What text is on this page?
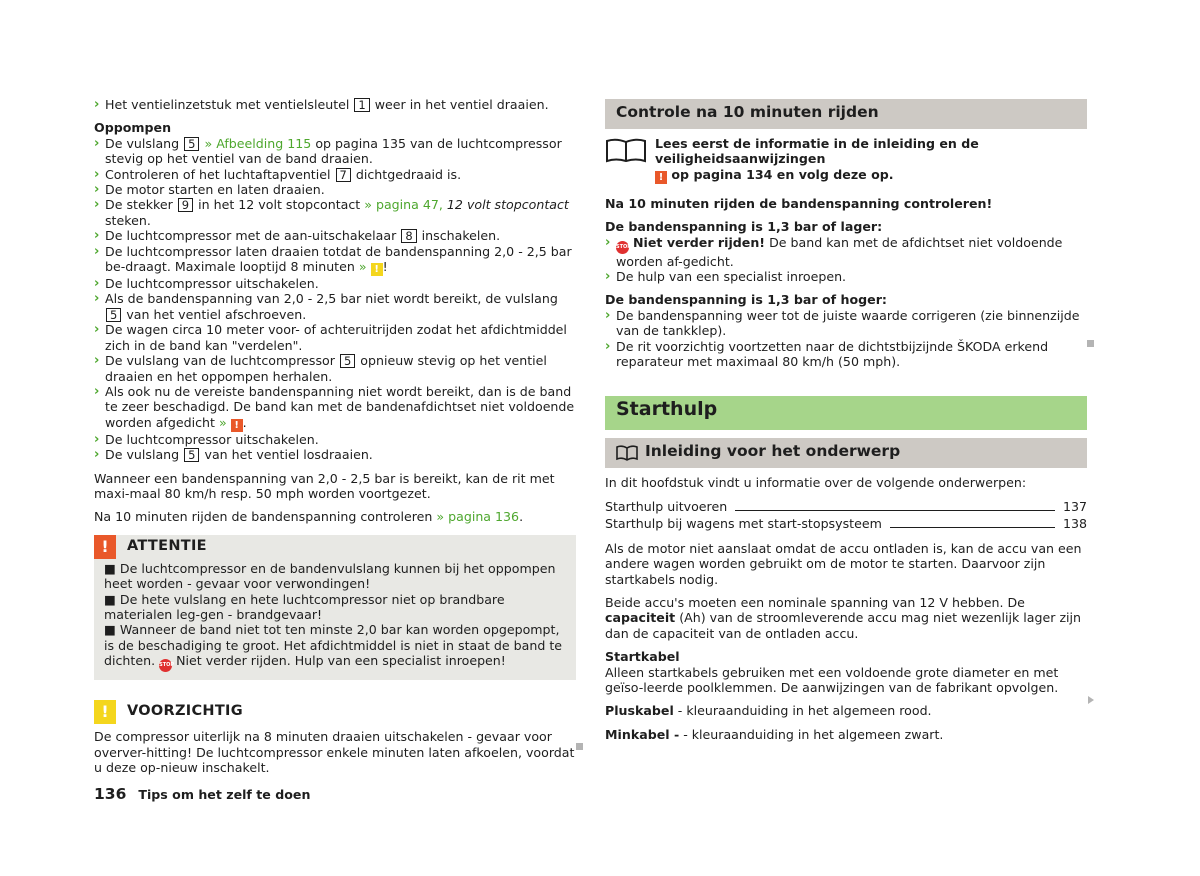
› Het ventielinzetstuk met ventielsleutel 1 weer in het ventiel draaien.

Oppompen

› De vulslang 5 » Afbeelding 115 op pagina 135 van de luchtcompressor stevig op het ventiel van de band draaien.
› Controleren of het luchtaftapventiel 7 dichtgedraaid is.
› De motor starten en laten draaien.
› De stekker 9 in het 12 volt stopcontact » pagina 47, 12 volt stopcontact steken.
› De luchtcompressor met de aan-uitschakelaar 8 inschakelen.
› De luchtcompressor laten draaien totdat de bandenspanning 2,0 - 2,5 bar be-draagt. Maximale looptijd 8 minuten » ! !
› De luchtcompressor uitschakelen.
› Als de bandenspanning van 2,0 - 2,5 bar niet wordt bereikt, de vulslang 5 van het ventiel afschroeven.
› De wagen circa 10 meter voor- of achteruitrijden zodat het afdichtmiddel zich in de band kan "verdelen".
› De vulslang van de luchtcompressor 5 opnieuw stevig op het ventiel draaien en het oppompen herhalen.
› Als ook nu de vereiste bandenspanning niet wordt bereikt, dan is de band te zeer beschadigd. De band kan met de bandenafdichtset niet voldoende worden afgedicht » ! .
› De luchtcompressor uitschakelen.
› De vulslang 5 van het ventiel losdraaien.

Wanneer een bandenspanning van 2,0 - 2,5 bar is bereikt, kan de rit met maxi-maal 80 km/h resp. 50 mph worden voortgezet.

Na 10 minuten rijden de bandenspanning controleren » pagina 136.

!	ATTENTIE

■ De luchtcompressor en de bandenvulslang kunnen bij het oppompen heet worden - gevaar voor verwondingen!

■ De hete vulslang en hete luchtcompressor niet op brandbare materialen leg-gen - brandgevaar!

■ Wanneer de band niet tot ten minste 2,0 bar kan worden opgepompt, is de beschadiging te groot. Het afdichtmiddel is niet in staat de band te dichten. STOP Niet verder rijden. Hulp van een specialist inroepen!

!	VOORZICHTIG

De compressor uiterlijk na 8 minuten draaien uitschakelen - gevaar voor overver-hitting! De luchtcompressor enkele minuten laten afkoelen, voordat u deze op-nieuw inschakelt.

Controle na 10 minuten rijden

Lees eerst de informatie in de inleiding en de veiligheidsaanwijzingen

! op pagina 134 en volg deze op.

Na 10 minuten rijden de bandenspanning controleren!

De bandenspanning is 1,3 bar of lager:

› STOP Niet verder rijden! De band kan met de afdichtset niet voldoende worden af-gedicht.
› De hulp van een specialist inroepen.

De bandenspanning is 1,3 bar of hoger:

› De bandenspanning weer tot de juiste waarde corrigeren (zie binnenzijde van de tankklep).
› De rit voorzichtig voortzetten naar de dichtstbijzijnde ŠKODA erkend reparateur met maximaal 80 km/h (50 mph).
Starthulp
Inleiding voor het onderwerp

In dit hoofdstuk vindt u informatie over de volgende onderwerpen:

Starthulp uitvoeren	137
Starthulp bij wagens met start-stopsysteem	138

Als de motor niet aanslaat omdat de accu ontladen is, kan de accu van een andere wagen worden gebruikt om de motor te starten. Daarvoor zijn startkabels nodig.

Beide accu's moeten een nominale spanning van 12 V hebben. De capaciteit (Ah) van de stroomleverende accu mag niet wezenlijk lager zijn dan de capaciteit van de ontladen accu.

Startkabel

Alleen startkabels gebruiken met een voldoende grote diameter en met geïso-leerde poolklemmen. De aanwijzingen van de fabrikant opvolgen.

Pluskabel - kleuraanduiding in het algemeen rood.

Minkabel - - kleuraanduiding in het algemeen zwart.

136 Tips om het zelf te doen
